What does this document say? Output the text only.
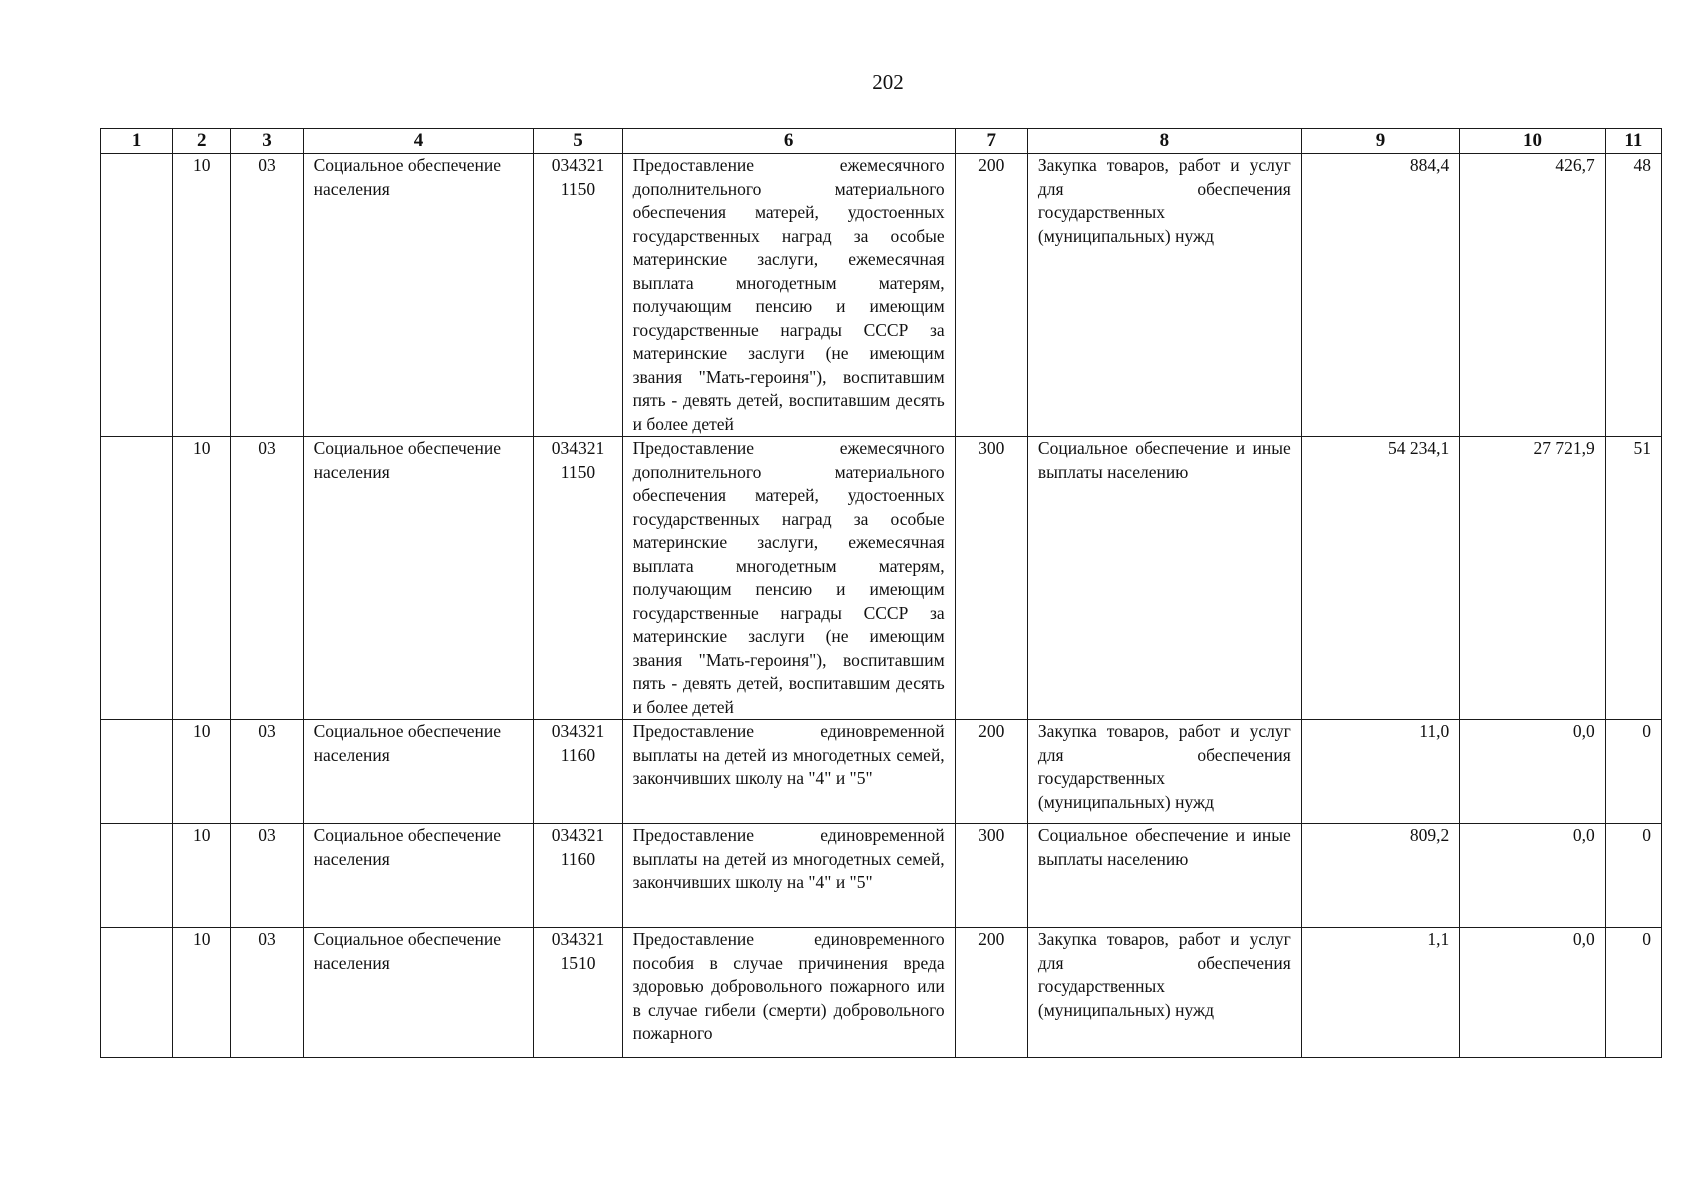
202
1	2	3	4	5	6	7	8	9	10	11
	10	03	Социальное обеспечение населения	034321 1150	Предоставление ежемесячного дополнительного материального обеспечения матерей, удостоенных государственных наград за особые материнские заслуги, ежемесячная выплата многодетным матерям, получающим пенсию и имеющим государственные награды СССР за материнские заслуги (не имеющим звания "Мать-героиня"), воспитавшим пять - девять детей, воспитавшим десять и более детей	200	Закупка товаров, работ и услуг для обеспечения государственных (муниципальных) нужд	884,4	426,7	48
	10	03	Социальное обеспечение населения	034321 1150	Предоставление ежемесячного дополнительного материального обеспечения матерей, удостоенных государственных наград за особые материнские заслуги, ежемесячная выплата многодетным матерям, получающим пенсию и имеющим государственные награды СССР за материнские заслуги (не имеющим звания "Мать-героиня"), воспитавшим пять - девять детей, воспитавшим десять и более детей	300	Социальное обеспечение и иные выплаты населению	54 234,1	27 721,9	51
	10	03	Социальное обеспечение населения	034321 1160	Предоставление единовременной выплаты на детей из многодетных семей, закончивших школу на "4" и "5"	200	Закупка товаров, работ и услуг для обеспечения государственных (муниципальных) нужд	11,0	0,0	0
	10	03	Социальное обеспечение населения	034321 1160	Предоставление единовременной выплаты на детей из многодетных семей, закончивших школу на "4" и "5"	300	Социальное обеспечение и иные выплаты населению	809,2	0,0	0
	10	03	Социальное обеспечение населения	034321 1510	Предоставление единовременного пособия в случае причинения вреда здоровью добровольного пожарного или в случае гибели (смерти) добровольного пожарного	200	Закупка товаров, работ и услуг для обеспечения государственных (муниципальных) нужд	1,1	0,0	0
